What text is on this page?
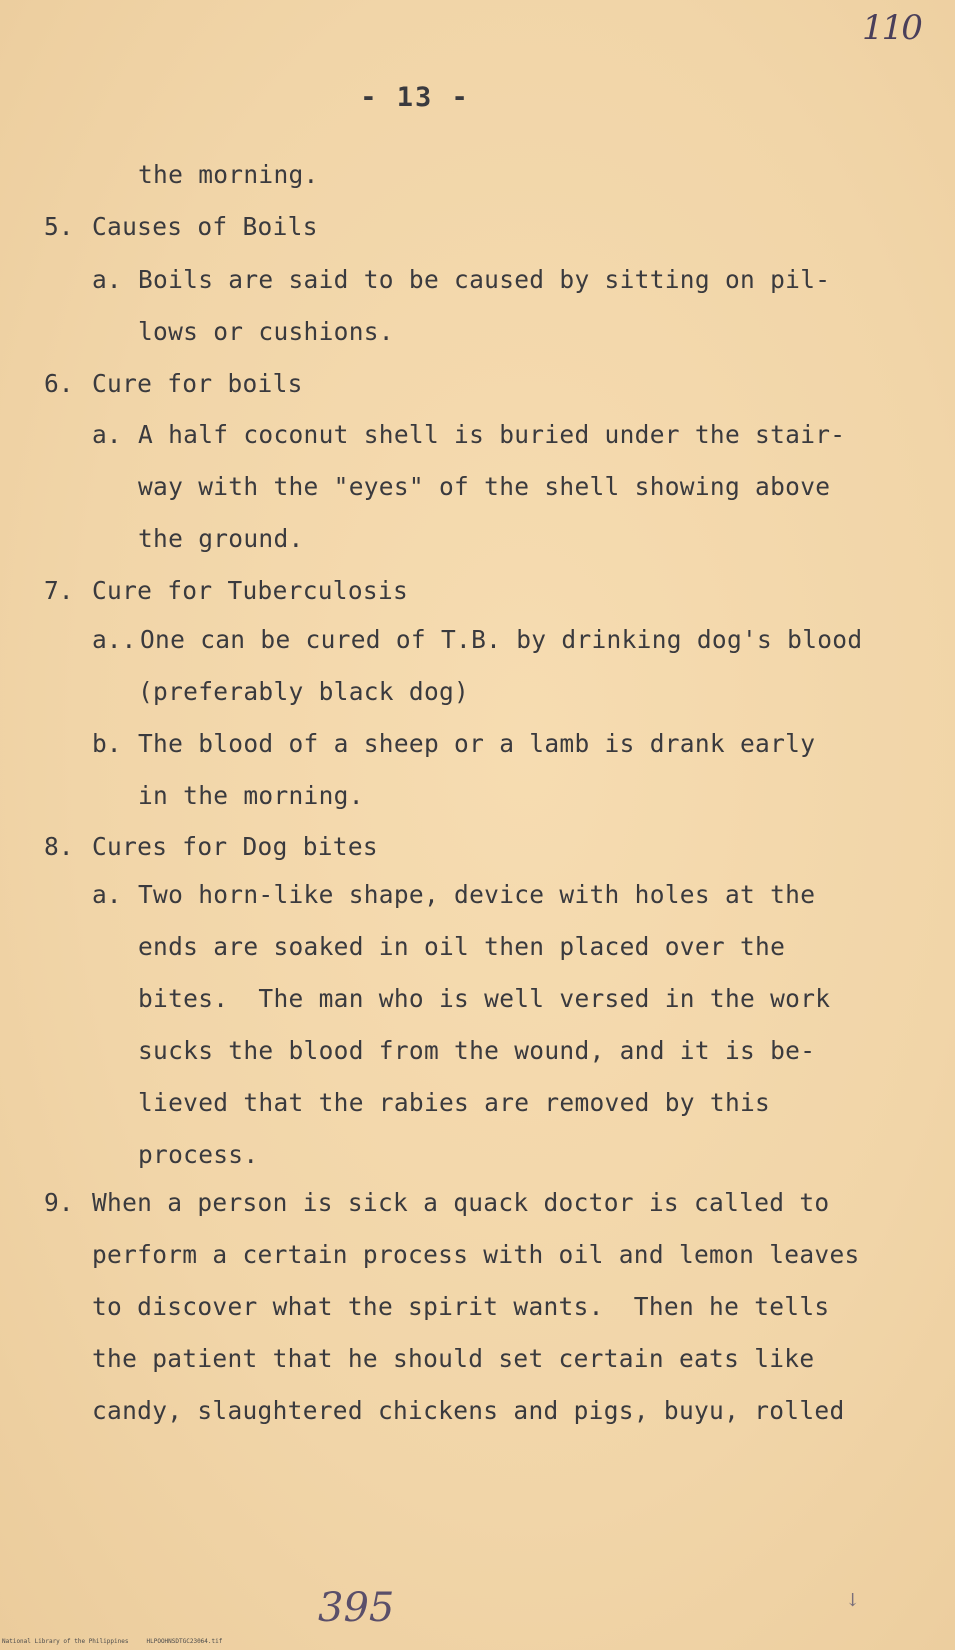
110
- 13 -
the morning.
5. Causes of Boils
a. Boils are said to be caused by sitting on pil-
lows or cushions.
6. Cure for boils
a. A half coconut shell is buried under the stair-
way with the "eyes" of the shell showing above
the ground.
7. Cure for Tuberculosis
a.. One can be cured of T.B. by drinking dog's blood
(preferably black dog)
b. The blood of a sheep or a lamb is drank early
in the morning.
8. Cures for Dog bites
a. Two horn-like shape, device with holes at the
ends are soaked in oil then placed over the
bites.  The man who is well versed in the work
sucks the blood from the wound, and it is be-
lieved that the rabies are removed by this
process.
9. When a person is sick a quack doctor is called to
perform a certain process with oil and lemon leaves
to discover what the spirit wants.  Then he tells
the patient that he should set certain eats like
candy, slaughtered chickens and pigs, buyu, rolled
395	↓
National Library of the Philippines     HLPOOHNSDTGC23064.tif
